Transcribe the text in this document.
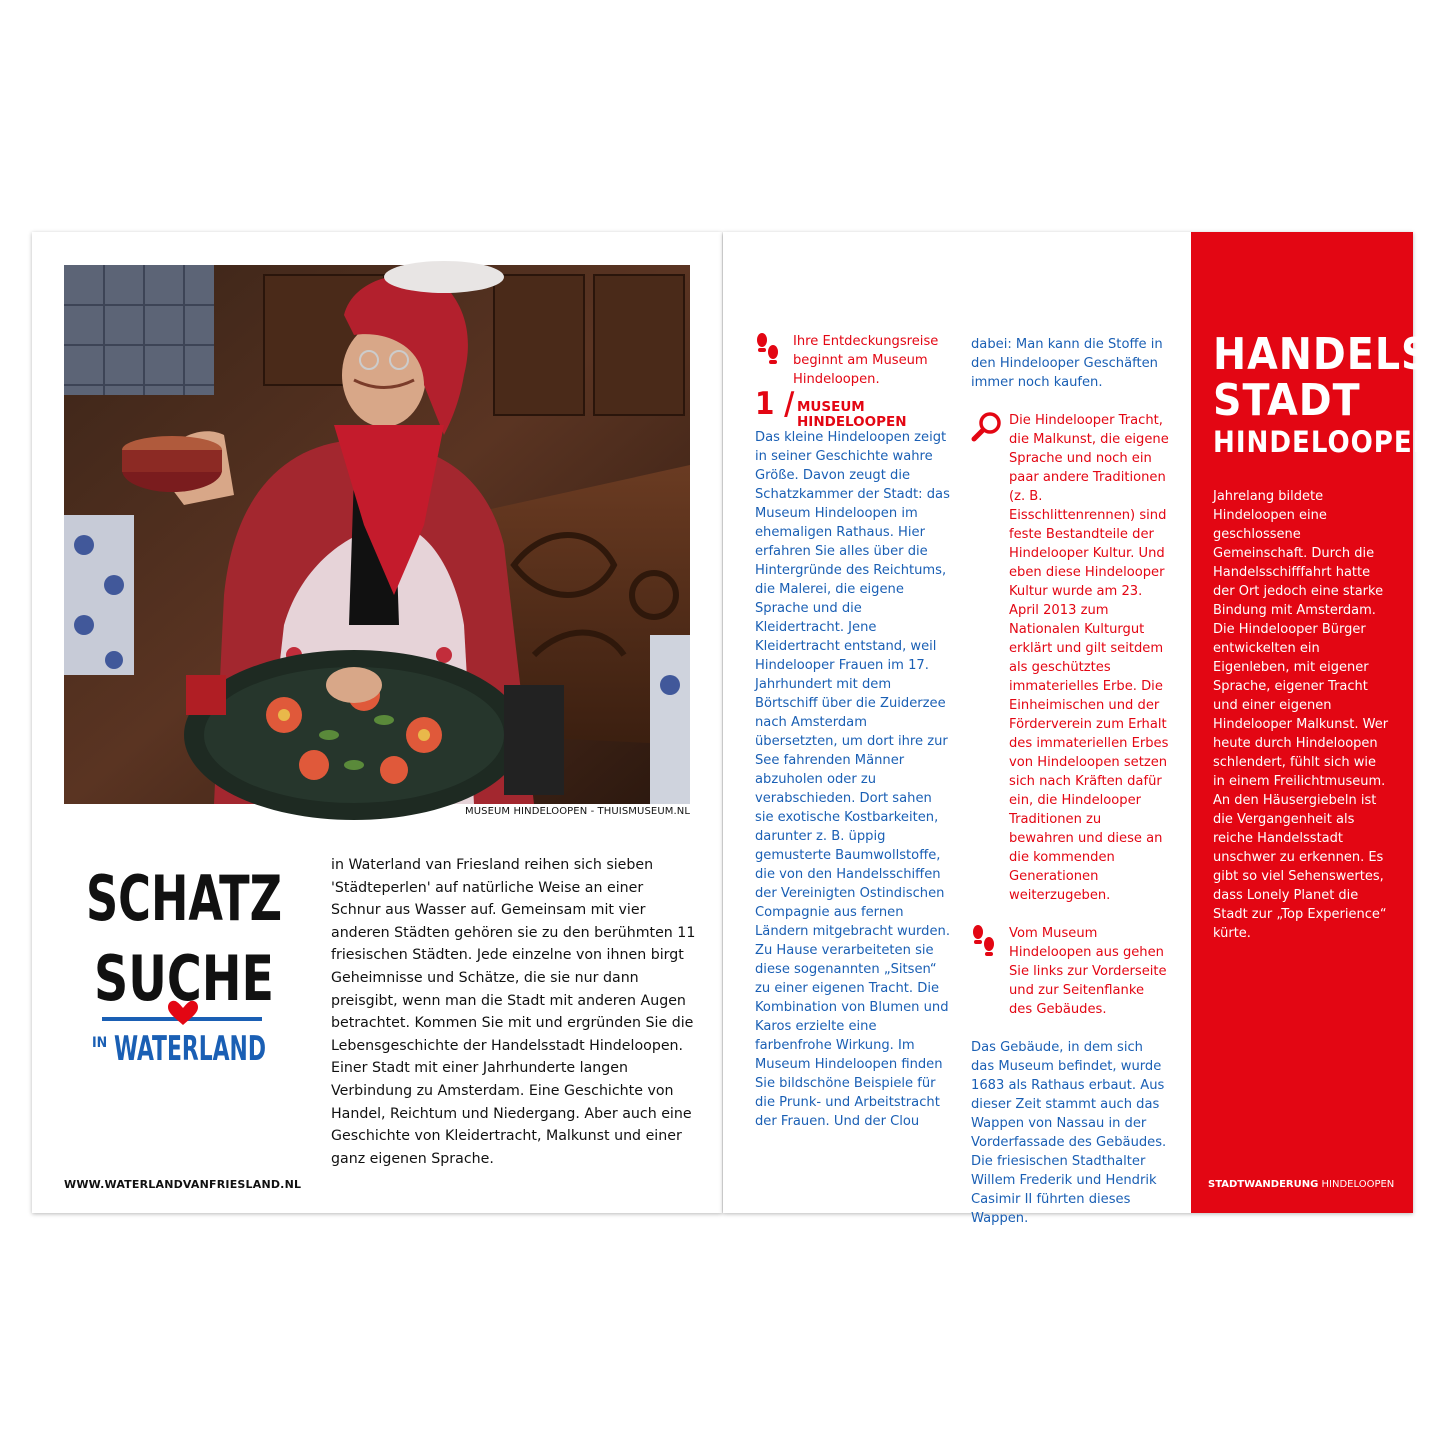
MUSEUM HINDELOOPEN - THUISMUSEUM.NL
SCHATZ
SUCHE
IN WATERLAND
in Waterland van Friesland reihen sich sieben 'Städteperlen' auf natürliche Weise an einer Schnur aus Wasser auf. Gemeinsam mit vier anderen Städten gehören sie zu den berühmten 11 friesischen Städten. Jede einzelne von ihnen birgt Geheimnisse und Schätze, die sie nur dann preisgibt, wenn man die Stadt mit anderen Augen betrachtet. Kommen Sie mit und ergründen Sie die Lebensgeschichte der Handelsstadt Hindeloopen. Einer Stadt mit einer Jahrhunderte langen Verbindung zu Amsterdam. Eine Geschichte von Handel, Reichtum und Niedergang. Aber auch eine Geschichte von Kleidertracht, Malkunst und einer ganz eigenen Sprache.
WWW.WATERLANDVANFRIESLAND.NL

Ihre Entdeckungsreise beginnt am Museum Hindeloopen.

1 / MUSEUM HINDELOOPEN

Das kleine Hindeloopen zeigt in seiner Geschichte wahre Größe. Davon zeugt die Schatzkammer der Stadt: das Museum Hindeloopen im ehemaligen Rathaus. Hier erfahren Sie alles über die Hintergründe des Reichtums, die Malerei, die eigene Sprache und die Kleidertracht. Jene Kleidertracht entstand, weil Hindelooper Frauen im 17. Jahrhundert mit dem Börtschiff über die Zuiderzee nach Amsterdam übersetzten, um dort ihre zur See fahrenden Männer abzuholen oder zu verabschieden. Dort sahen sie exotische Kostbarkeiten, darunter z. B. üppig gemusterte Baumwollstoffe, die von den Handelsschiffen der Vereinigten Ostindischen Compagnie aus fernen Ländern mitgebracht wurden. Zu Hause verarbeiteten sie diese sogenannten „Sitsen“ zu einer eigenen Tracht. Die Kombination von Blumen und Karos erzielte eine farbenfrohe Wirkung. Im Museum Hindeloopen finden Sie bildschöne Beispiele für die Prunk- und Arbeitstracht der Frauen. Und der Clou

dabei: Man kann die Stoffe in den Hindelooper Geschäften immer noch kaufen.

Die Hindelooper Tracht, die Malkunst, die eigene Sprache und noch ein paar andere Traditionen (z. B. Eisschlittenrennen) sind feste Bestandteile der Hindelooper Kultur. Und eben diese Hindelooper Kultur wurde am 23. April 2013 zum Nationalen Kulturgut erklärt und gilt seitdem als geschütztes immaterielles Erbe. Die Einheimischen und der Förderverein zum Erhalt des immateriellen Erbes von Hindeloopen setzen sich nach Kräften dafür ein, die Hindelooper Traditionen zu bewahren und diese an die kommenden Generationen weiterzugeben.

Vom Museum Hindeloopen aus gehen Sie links zur Vorderseite und zur Seitenflanke des Gebäudes.

Das Gebäude, in dem sich das Museum befindet, wurde 1683 als Rathaus erbaut. Aus dieser Zeit stammt auch das Wappen von Nassau in der Vorderfassade des Gebäudes. Die friesischen Stadthalter Willem Frederik und Hendrik Casimir II führten dieses Wappen.

HANDELS-
STADT
HINDELOOPEN
Jahrelang bildete Hindeloopen eine geschlossene Gemeinschaft. Durch die Handelsschifffahrt hatte der Ort jedoch eine starke Bindung mit Amsterdam. Die Hindelooper Bürger entwickelten ein Eigenleben, mit eigener Sprache, eigener Tracht und einer eigenen Hindelooper Malkunst. Wer heute durch Hindeloopen schlendert, fühlt sich wie in einem Freilichtmuseum. An den Häusergiebeln ist die Vergangenheit als reiche Handelsstadt unschwer zu erkennen. Es gibt so viel Sehenswertes, dass Lonely Planet die Stadt zur „Top Experience“ kürte.
STADTWANDERUNG HINDELOOPEN
